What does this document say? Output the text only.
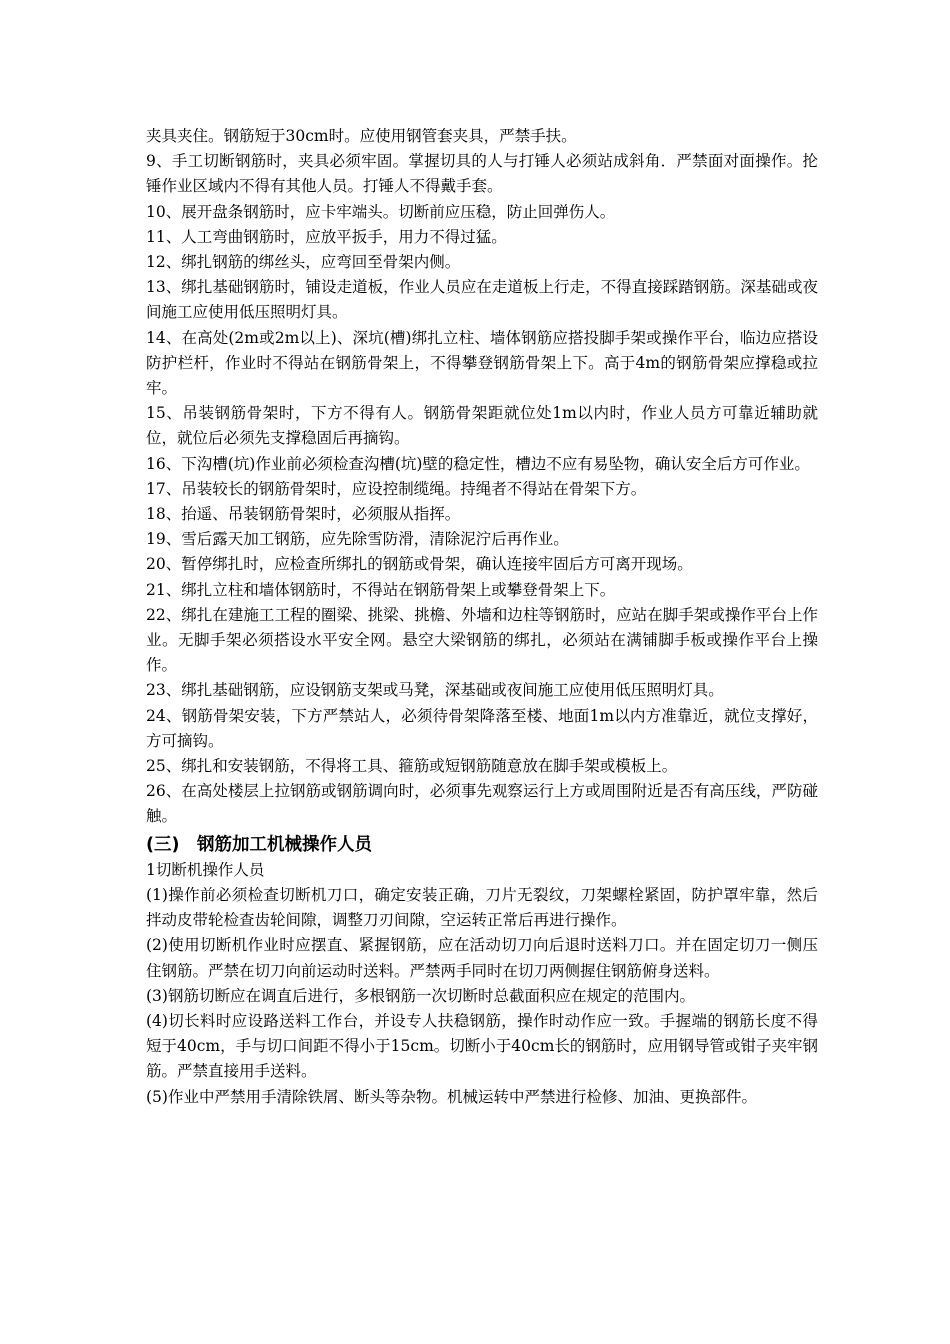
夹具夹住。钢筋短于30cm时。应使用钢管套夹具，严禁手扶。

9、手工切断钢筋时，夹具必须牢固。掌握切具的人与打锤人必须站成斜角．严禁面对面操作。抡锤作业区域内不得有其他人员。打锤人不得戴手套。

10、展开盘条钢筋时，应卡牢端头。切断前应压稳，防止回弹伤人。

11、人工弯曲钢筋时，应放平扳手，用力不得过猛。

12、绑扎钢筋的绑丝头，应弯回至骨架内侧。

13、绑扎基础钢筋时，铺设走道板，作业人员应在走道板上行走，不得直接踩踏钢筋。深基础或夜间施工应使用低压照明灯具。

14、在高处(2m或2m以上)、深坑(槽)绑扎立柱、墙体钢筋应搭投脚手架或操作平台，临边应搭设防护栏杆，作业时不得站在钢筋骨架上，不得攀登钢筋骨架上下。高于4m的钢筋骨架应撑稳或拉牢。

15、吊装钢筋骨架时，下方不得有人。钢筋骨架距就位处1m以内时，作业人员方可靠近辅助就位，就位后必须先支撑稳固后再摘钩。

16、下沟槽(坑)作业前必须检查沟槽(坑)壁的稳定性，槽边不应有易坠物，确认安全后方可作业。

17、吊装较长的钢筋骨架时，应设控制缆绳。持绳者不得站在骨架下方。

18、抬遥、吊装钢筋骨架时，必须服从指挥。

19、雪后露天加工钢筋，应先除雪防滑，清除泥泞后再作业。

20、暂停绑扎时，应检查所绑扎的钢筋或骨架，确认连接牢固后方可离开现场。

21、绑扎立柱和墙体钢筋时，不得站在钢筋骨架上或攀登骨架上下。

22、绑扎在建施工工程的圈梁、挑梁、挑檐、外墙和边柱等钢筋时，应站在脚手架或操作平台上作业。无脚手架必须搭设水平安全网。悬空大梁钢筋的绑扎，必须站在满铺脚手板或操作平台上操作。

23、绑扎基础钢筋，应设钢筋支架或马凳，深基础或夜间施工应使用低压照明灯具。

24、钢筋骨架安装，下方严禁站人，必须待骨架降落至楼、地面1m以内方准靠近，就位支撑好，方可摘钩。

25、绑扎和安装钢筋，不得将工具、箍筋或短钢筋随意放在脚手架或模板上。

26、在高处楼层上拉钢筋或钢筋调向时，必须事先观察运行上方或周围附近是否有高压线，严防碰触。

(三)　钢筋加工机械操作人员

1切断机操作人员

(1)操作前必须检查切断机刀口，确定安装正确，刀片无裂纹，刀架螺栓紧固，防护罩牢靠，然后拌动皮带轮检查齿轮间隙，调整刀刃间隙，空运转正常后再进行操作。

(2)使用切断机作业时应摆直、紧握钢筋，应在活动切刀向后退时送料刀口。并在固定切刀一侧压住钢筋。严禁在切刀向前运动时送料。严禁两手同时在切刀两侧握住钢筋俯身送料。

(3)钢筋切断应在调直后进行，多根钢筋一次切断时总截面积应在规定的范围内。

(4)切长料时应设路送料工作台，并设专人扶稳钢筋，操作时动作应一致。手握端的钢筋长度不得短于40cm，手与切口间距不得小于15cm。切断小于40cm长的钢筋时，应用钢导管或钳子夹牢钢筋。严禁直接用手送料。

(5)作业中严禁用手清除铁屑、断头等杂物。机械运转中严禁进行检修、加油、更换部件。
